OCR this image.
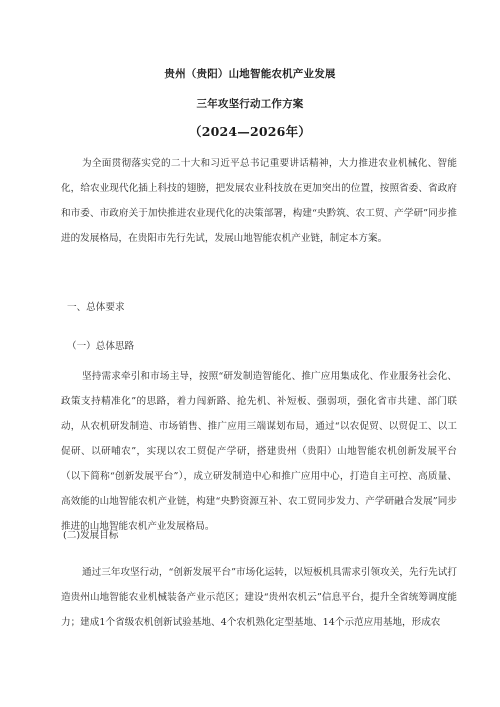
贵州（贵阳）山地智能农机产业发展
三年攻坚行动工作方案
（2024—2026年）
为全面贯彻落实党的二十大和习近平总书记重要讲话精神，大力推进农业机械化、智能化，给农业现代化插上科技的翅膀，把发展农业科技放在更加突出的位置，按照省委、省政府和市委、市政府关于加快推进农业现代化的决策部署，构建“央黔筑、农工贸、产学研”同步推进的发展格局，在贵阳市先行先试，发展山地智能农机产业链，制定本方案。
一、总体要求
（一）总体思路
坚持需求牵引和市场主导，按照“研发制造智能化、推广应用集成化、作业服务社会化、政策支持精准化”的思路，着力闯新路、抢先机、补短板、强弱项，强化省市共建、部门联动，从农机研发制造、市场销售、推广应用三端谋划布局，通过“以农促贸、以贸促工、以工促研、以研哺农”，实现以农工贸促产学研，搭建贵州（贵阳）山地智能农机创新发展平台（以下简称“创新发展平台”），成立研发制造中心和推广应用中心，打造自主可控、高质量、高效能的山地智能农机产业链，构建“央黔资源互补、农工贸同步发力、产学研融合发展”同步推进的山地智能农机产业发展格局。
(二)发展目标
通过三年攻坚行动，“创新发展平台”市场化运转，以短板机具需求引领攻关，先行先试打造贵州山地智能农业机械装备产业示范区；建设“贵州农机云”信息平台，提升全省统筹调度能力；建成1个省级农机创新试验基地、4个农机熟化定型基地、14个示范应用基地，形成农
